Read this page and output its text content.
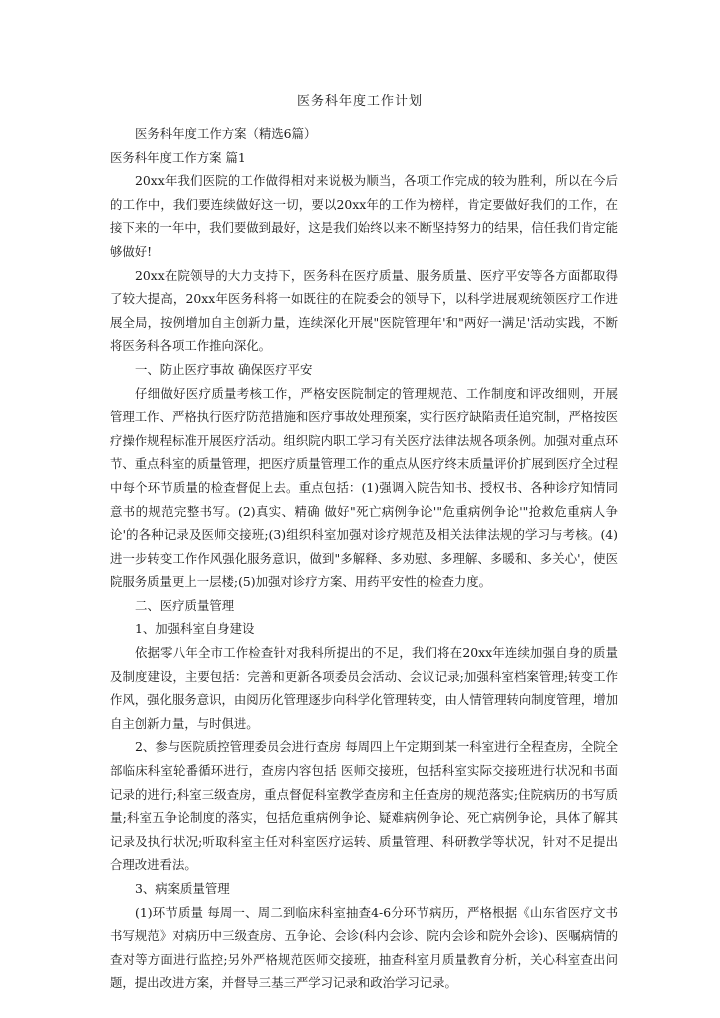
医务科年度工作计划

医务科年度工作方案（精选6篇）

医务科年度工作方案 篇1

20xx年我们医院的工作做得相对来说极为顺当，各项工作完成的较为胜利，所以在今后的工作中，我们要连续做好这一切，要以20xx年的工作为榜样，肯定要做好我们的工作，在接下来的一年中，我们要做到最好，这是我们始终以来不断坚持努力的结果，信任我们肯定能够做好!

20xx在院领导的大力支持下，医务科在医疗质量、服务质量、医疗平安等各方面都取得了较大提高，20xx年医务科将一如既往的在院委会的领导下，以科学进展观统领医疗工作进展全局，按例增加自主创新力量，连续深化开展"医院管理年'和"两好一满足'活动实践，不断将医务科各项工作推向深化。

一、防止医疗事故 确保医疗平安

仔细做好医疗质量考核工作，严格安医院制定的管理规范、工作制度和评改细则，开展管理工作、严格执行医疗防范措施和医疗事故处理预案，实行医疗缺陷责任追究制，严格按医疗操作规程标准开展医疗活动。组织院内职工学习有关医疗法律法规各项条例。加强对重点环节、重点科室的质量管理，把医疗质量管理工作的重点从医疗终末质量评价扩展到医疗全过程中每个环节质量的检查督促上去。重点包括：(1)强调入院告知书、授权书、各种诊疗知情同意书的规范完整书写。(2)真实、精确 做好"死亡病例争论'"危重病例争论'"抢救危重病人争论'的各种记录及医师交接班;(3)组织科室加强对诊疗规范及相关法律法规的学习与考核。(4)进一步转变工作作风强化服务意识，做到"多解释、多劝慰、多理解、多暖和、多关心'，使医院服务质量更上一层楼;(5)加强对诊疗方案、用药平安性的检查力度。

二、医疗质量管理

1、加强科室自身建设

依据零八年全市工作检查针对我科所提出的不足，我们将在20xx年连续加强自身的质量及制度建设，主要包括：完善和更新各项委员会活动、会议记录;加强科室档案管理;转变工作作风，强化服务意识，由阅历化管理逐步向科学化管理转变，由人情管理转向制度管理，增加自主创新力量，与时俱进。

2、参与医院质控管理委员会进行查房 每周四上午定期到某一科室进行全程查房，全院全部临床科室轮番循环进行，查房内容包括 医师交接班，包括科室实际交接班进行状况和书面记录的进行;科室三级查房，重点督促科室教学查房和主任查房的规范落实;住院病历的书写质量;科室五争论制度的落实，包括危重病例争论、疑难病例争论、死亡病例争论，具体了解其记录及执行状况;听取科室主任对科室医疗运转、质量管理、科研教学等状况，针对不足提出合理改进看法。

3、病案质量管理

(1)环节质量 每周一、周二到临床科室抽查4-6分环节病历，严格根据《山东省医疗文书书写规范》对病历中三级查房、五争论、会诊(科内会诊、院内会诊和院外会诊)、医嘱病情的查对等方面进行监控;另外严格规范医师交接班，抽查科室月质量教育分析，关心科室查出问题，提出改进方案，并督导三基三严学习记录和政治学习记录。
